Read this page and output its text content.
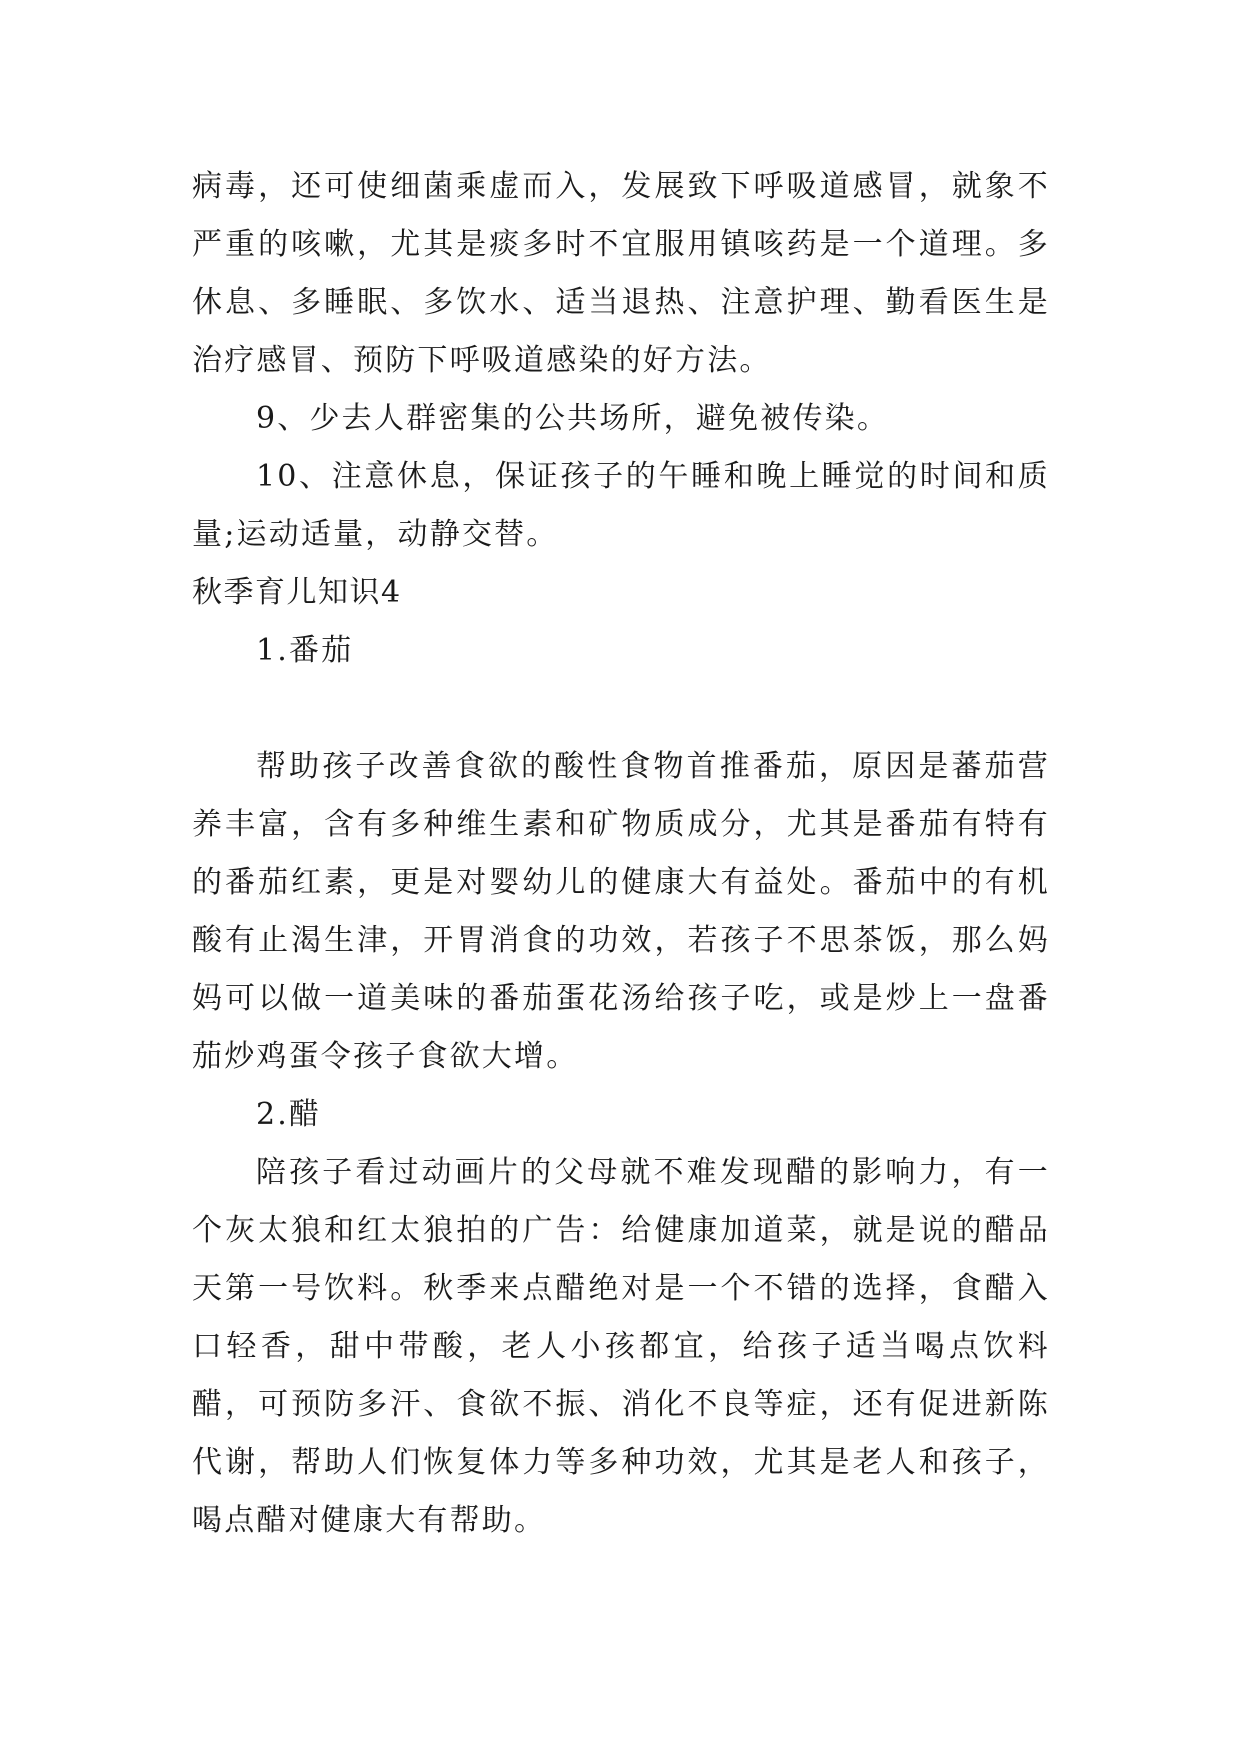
病毒，还可使细菌乘虚而入，发展致下呼吸道感冒，就象不严重的咳嗽，尤其是痰多时不宜服用镇咳药是一个道理。多休息、多睡眠、多饮水、适当退热、注意护理、勤看医生是治疗感冒、预防下呼吸道感染的好方法。

9、少去人群密集的公共场所，避免被传染。

10、注意休息，保证孩子的午睡和晚上睡觉的时间和质量;运动适量，动静交替。

秋季育儿知识4

1.番茄

帮助孩子改善食欲的酸性食物首推番茄，原因是蕃茄营养丰富，含有多种维生素和矿物质成分，尤其是番茄有特有的番茄红素，更是对婴幼儿的健康大有益处。番茄中的有机酸有止渴生津，开胃消食的功效，若孩子不思茶饭，那么妈妈可以做一道美味的番茄蛋花汤给孩子吃，或是炒上一盘番茄炒鸡蛋令孩子食欲大增。

2.醋

陪孩子看过动画片的父母就不难发现醋的影响力，有一个灰太狼和红太狼拍的广告：给健康加道菜，就是说的醋品天第一号饮料。秋季来点醋绝对是一个不错的选择，食醋入口轻香，甜中带酸，老人小孩都宜，给孩子适当喝点饮料醋，可预防多汗、食欲不振、消化不良等症，还有促进新陈代谢，帮助人们恢复体力等多种功效，尤其是老人和孩子，喝点醋对健康大有帮助。
